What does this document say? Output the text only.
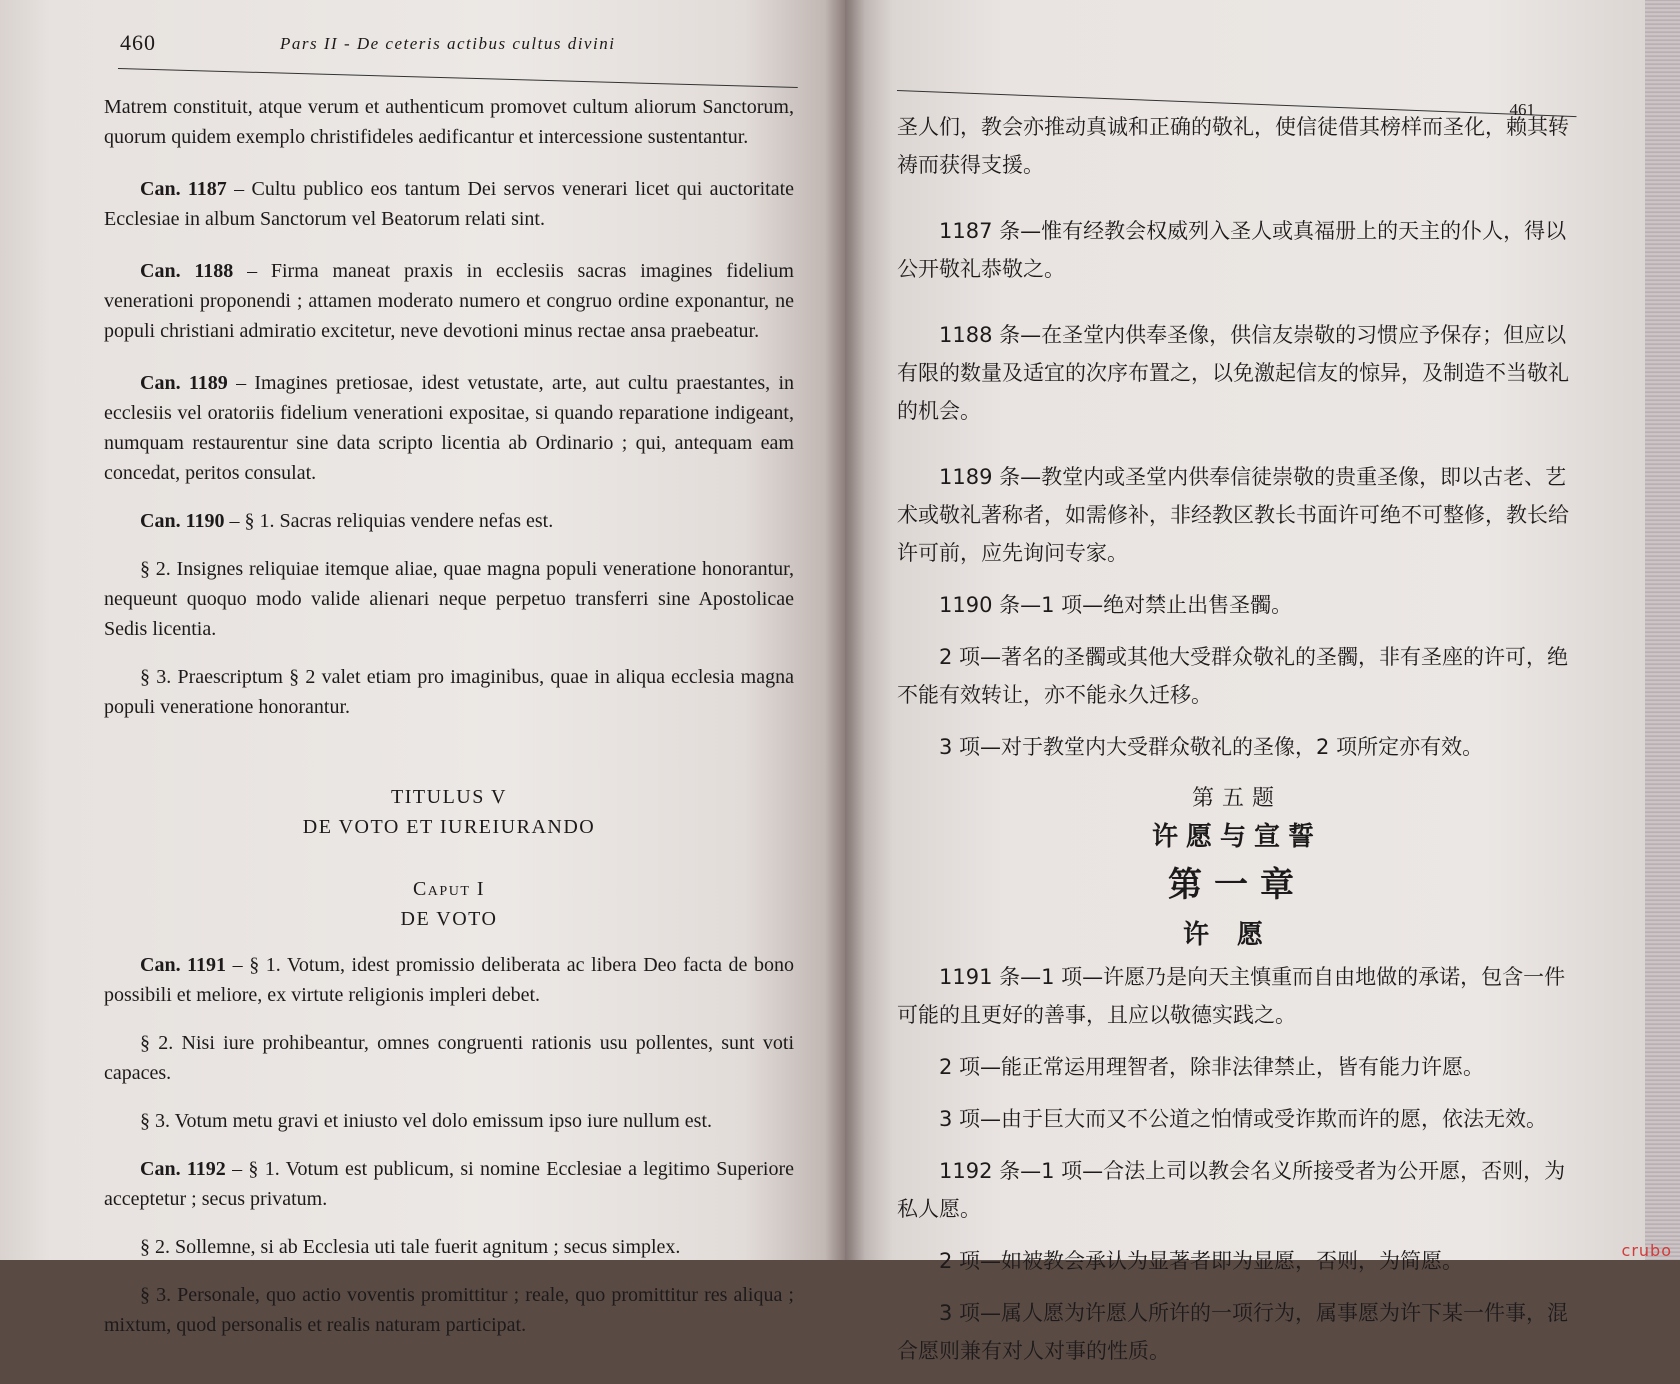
460	Pars II - De ceteris actibus cultus divini

Matrem constituit, atque verum et authenticum promovet cultum aliorum Sanctorum, quorum quidem exemplo christifideles aedificantur et intercessione sustentantur.

Can. 1187 – Cultu publico eos tantum Dei servos venerari licet qui auctoritate Ecclesiae in album Sanctorum vel Beatorum relati sint.

Can. 1188 – Firma maneat praxis in ecclesiis sacras imagines fidelium venerationi proponendi ; attamen moderato numero et congruo ordine exponantur, ne populi christiani admiratio excitetur, neve devotioni minus rectae ansa praebeatur.

Can. 1189 – Imagines pretiosae, idest vetustate, arte, aut cultu praestantes, in ecclesiis vel oratoriis fidelium venerationi expositae, si quando reparatione indigeant, numquam restaurentur sine data scripto licentia ab Ordinario ; qui, antequam eam concedat, peritos consulat.

Can. 1190 – § 1. Sacras reliquias vendere nefas est.

§ 2. Insignes reliquiae itemque aliae, quae magna populi veneratione honorantur, nequeunt quoquo modo valide alienari neque perpetuo transferri sine Apostolicae Sedis licentia.

§ 3. Praescriptum § 2 valet etiam pro imaginibus, quae in aliqua ecclesia magna populi veneratione honorantur.

TITULUS V
DE VOTO ET IUREIURANDO
Caput I
DE VOTO

Can. 1191 – § 1. Votum, idest promissio deliberata ac libera Deo facta de bono possibili et meliore, ex virtute religionis impleri debet.

§ 2. Nisi iure prohibeantur, omnes congruenti rationis usu pollentes, sunt voti capaces.

§ 3. Votum metu gravi et iniusto vel dolo emissum ipso iure nullum est.

Can. 1192 – § 1. Votum est publicum, si nomine Ecclesiae a legitimo Superiore acceptetur ; secus privatum.

§ 2. Sollemne, si ab Ecclesia uti tale fuerit agnitum ; secus simplex.

§ 3. Personale, quo actio voventis promittitur ; reale, quo promittitur res aliqua ; mixtum, quod personalis et realis naturam participat.

461

圣人们，教会亦推动真诚和正确的敬礼，使信徒借其榜样而圣化，赖其转祷而获得支援。

1187 条—惟有经教会权威列入圣人或真福册上的天主的仆人，得以公开敬礼恭敬之。

1188 条—在圣堂内供奉圣像，供信友崇敬的习惯应予保存；但应以有限的数量及适宜的次序布置之，以免激起信友的惊异，及制造不当敬礼的机会。

1189 条—教堂内或圣堂内供奉信徒崇敬的贵重圣像，即以古老、艺术或敬礼著称者，如需修补，非经教区教长书面许可绝不可整修，教长给许可前，应先询问专家。

1190 条—1 项—绝对禁止出售圣髑。

2 项—著名的圣髑或其他大受群众敬礼的圣髑，非有圣座的许可，绝不能有效转让，亦不能永久迁移。

3 项—对于教堂内大受群众敬礼的圣像，2 项所定亦有效。

第五题
许愿与宣誓
第一章
许愿

1191 条—1 项—许愿乃是向天主慎重而自由地做的承诺，包含一件可能的且更好的善事，且应以敬德实践之。

2 项—能正常运用理智者，除非法律禁止，皆有能力许愿。

3 项—由于巨大而又不公道之怕情或受诈欺而许的愿，依法无效。

1192 条—1 项—合法上司以教会名义所接受者为公开愿，否则，为私人愿。

2 项—如被教会承认为显著者即为显愿，否则，为简愿。

3 项—属人愿为许愿人所许的一项行为，属事愿为许下某一件事，混合愿则兼有对人对事的性质。

crubo
